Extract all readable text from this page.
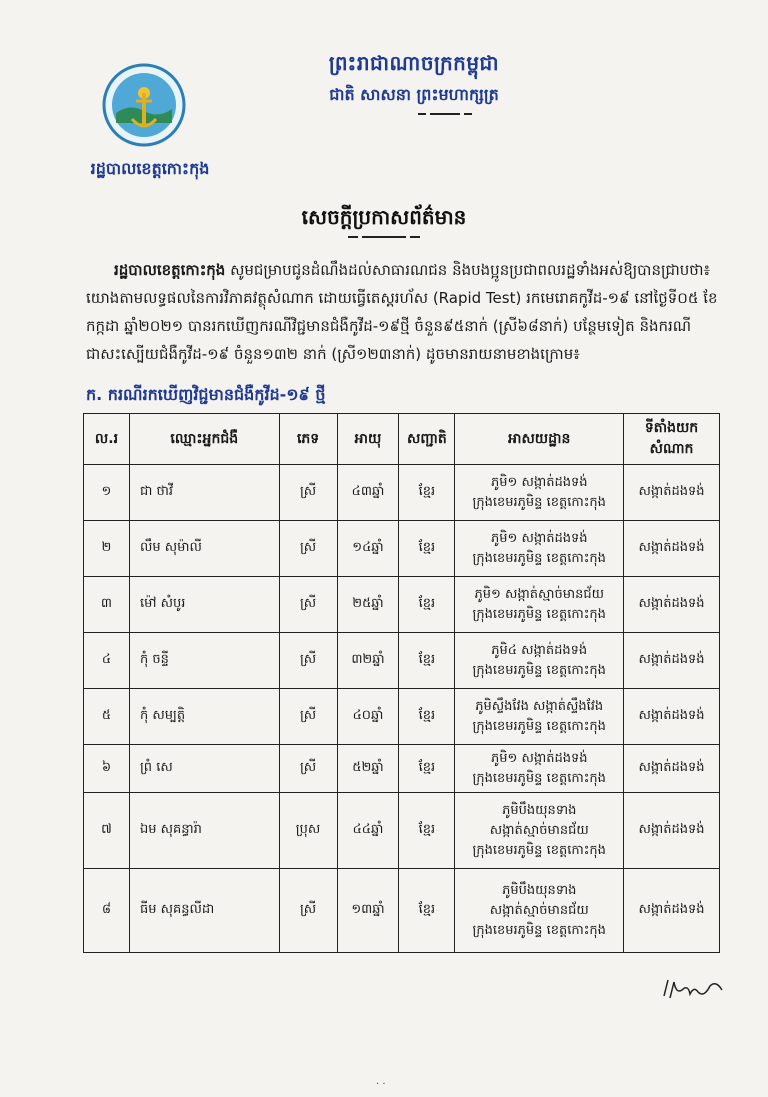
ព្រះរាជាណាចក្រកម្ពុជា
ជាតិ សាសនា ព្រះមហាក្សត្រ
រដ្ឋបាលខេត្តកោះកុង
សេចក្តីប្រកាសព័ត៌មាន
រដ្ឋបាលខេត្តកោះកុង សូមជម្រាបជូនដំណឹងដល់សាធារណជន និងបងប្អូនប្រជាពលរដ្ឋទាំងអស់ឱ្យបានជ្រាបថា៖ យោងតាមលទ្ធផលនៃការវិភាគវត្ថុសំណាក ដោយធ្វើតេស្តរហ័ស (Rapid Test) រកមេរោគកូវីដ-១៩ នៅថ្ងៃទី០៥ ខែកក្កដា ឆ្នាំ២០២១ បានរកឃើញករណីវិជ្ជមានជំងឺកូវីដ-១៩ថ្មី ចំនួន៩៥នាក់ (ស្រី៦៨នាក់) បន្ថែមទៀត និងករណីជាសះស្បើយជំងឺកូវីដ-១៩ ចំនួន១៣២ នាក់ (ស្រី១២៣នាក់) ដូចមានរាយនាមខាងក្រោម៖
ក. ករណីរកឃើញវិជ្ជមានជំងឺកូវីដ-១៩ ថ្មី
ល.រ	ឈ្មោះអ្នកជំងឺ	ភេទ	អាយុ	សញ្ជាតិ	អាសយដ្ឋាន	ទីតាំងយកសំណាក
១	ជា ថាវី	ស្រី	៤៣ឆ្នាំ	ខ្មែរ	ភូមិ១ សង្កាត់ដងទង់
ក្រុងខេមរភូមិន្ទ ខេត្តកោះកុង	សង្កាត់ដងទង់
២	លឹម សុម៉ាលី	ស្រី	១៤ឆ្នាំ	ខ្មែរ	ភូមិ១ សង្កាត់ដងទង់
ក្រុងខេមរភូមិន្ទ ខេត្តកោះកុង	សង្កាត់ដងទង់
៣	ម៉ៅ សំបូរ	ស្រី	២៥ឆ្នាំ	ខ្មែរ	ភូមិ១ សង្កាត់ស្មាច់មានជ័យ
ក្រុងខេមរភូមិន្ទ ខេត្តកោះកុង	សង្កាត់ដងទង់
៤	កុំ ចន្ទី	ស្រី	៣២ឆ្នាំ	ខ្មែរ	ភូមិ៤ សង្កាត់ដងទង់
ក្រុងខេមរភូមិន្ទ ខេត្តកោះកុង	សង្កាត់ដងទង់
៥	កុំ សម្បត្តិ	ស្រី	៤០ឆ្នាំ	ខ្មែរ	ភូមិស្ទឹងវែង សង្កាត់ស្ទឹងវែង
ក្រុងខេមរភូមិន្ទ ខេត្តកោះកុង	សង្កាត់ដងទង់
៦	ព្រំ សេ	ស្រី	៥២ឆ្នាំ	ខ្មែរ	ភូមិ១ សង្កាត់ដងទង់
ក្រុងខេមរភូមិន្ទ ខេត្តកោះកុង	សង្កាត់ដងទង់
៧	ឯម សុគន្ធារ៉ា	ប្រុស	៤៤ឆ្នាំ	ខ្មែរ	ភូមិបឹងយុនទាង
សង្កាត់ស្មាច់មានជ័យ
ក្រុងខេមរភូមិន្ទ ខេត្តកោះកុង	សង្កាត់ដងទង់
៨	ធីម សុគន្ធលីដា	ស្រី	១៣ឆ្នាំ	ខ្មែរ	ភូមិបឹងយុនទាង
សង្កាត់ស្មាច់មានជ័យ
ក្រុងខេមរភូមិន្ទ ខេត្តកោះកុង	សង្កាត់ដងទង់
. .
